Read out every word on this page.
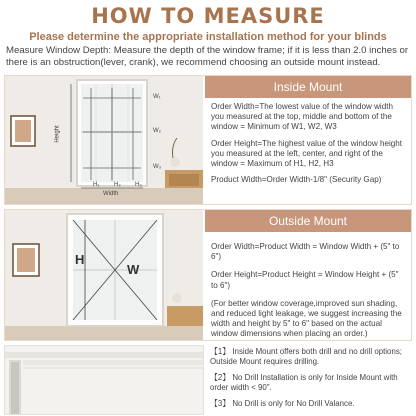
HOW TO MEASURE
Please determine the appropriate installation method for your blinds
Measure Window Depth: Measure the depth of the window frame; if it is less than 2.0 inches or there is an obstruction(lever, crank), we recommend choosing an outside mount instead.
Height
Width
W₁
W₂
W₃
H₁ H₂ H₃
Inside Mount

Order Width=The lowest value of the window width you measured at the top, middle and bottom of the window = Minimum of W1, W2, W3

Order Height=The highest value of the window height you measured at the left, center, and right of the window = Maximum of H1, H2, H3

Product Width=Order Width-1/8" (Security Gap)

H
W
Outside Mount

Order Width=Product Width = Window Width + (5" to 6")

Order Height=Product Height = Window Height + (5" to 6")

(For better window coverage,improved sun shading, and reduced light leakage, we suggest increasing the width and height by 5" to 6" based on the actual window dimensions when placing an order.)

【1】 Inside Mount offers both drill and no drill options; Outside Mount requires drilling.

【2】 No Drill Installation is only for Inside Mount with order width < 90".

【3】 No Drill is only for No Drill Valance.
